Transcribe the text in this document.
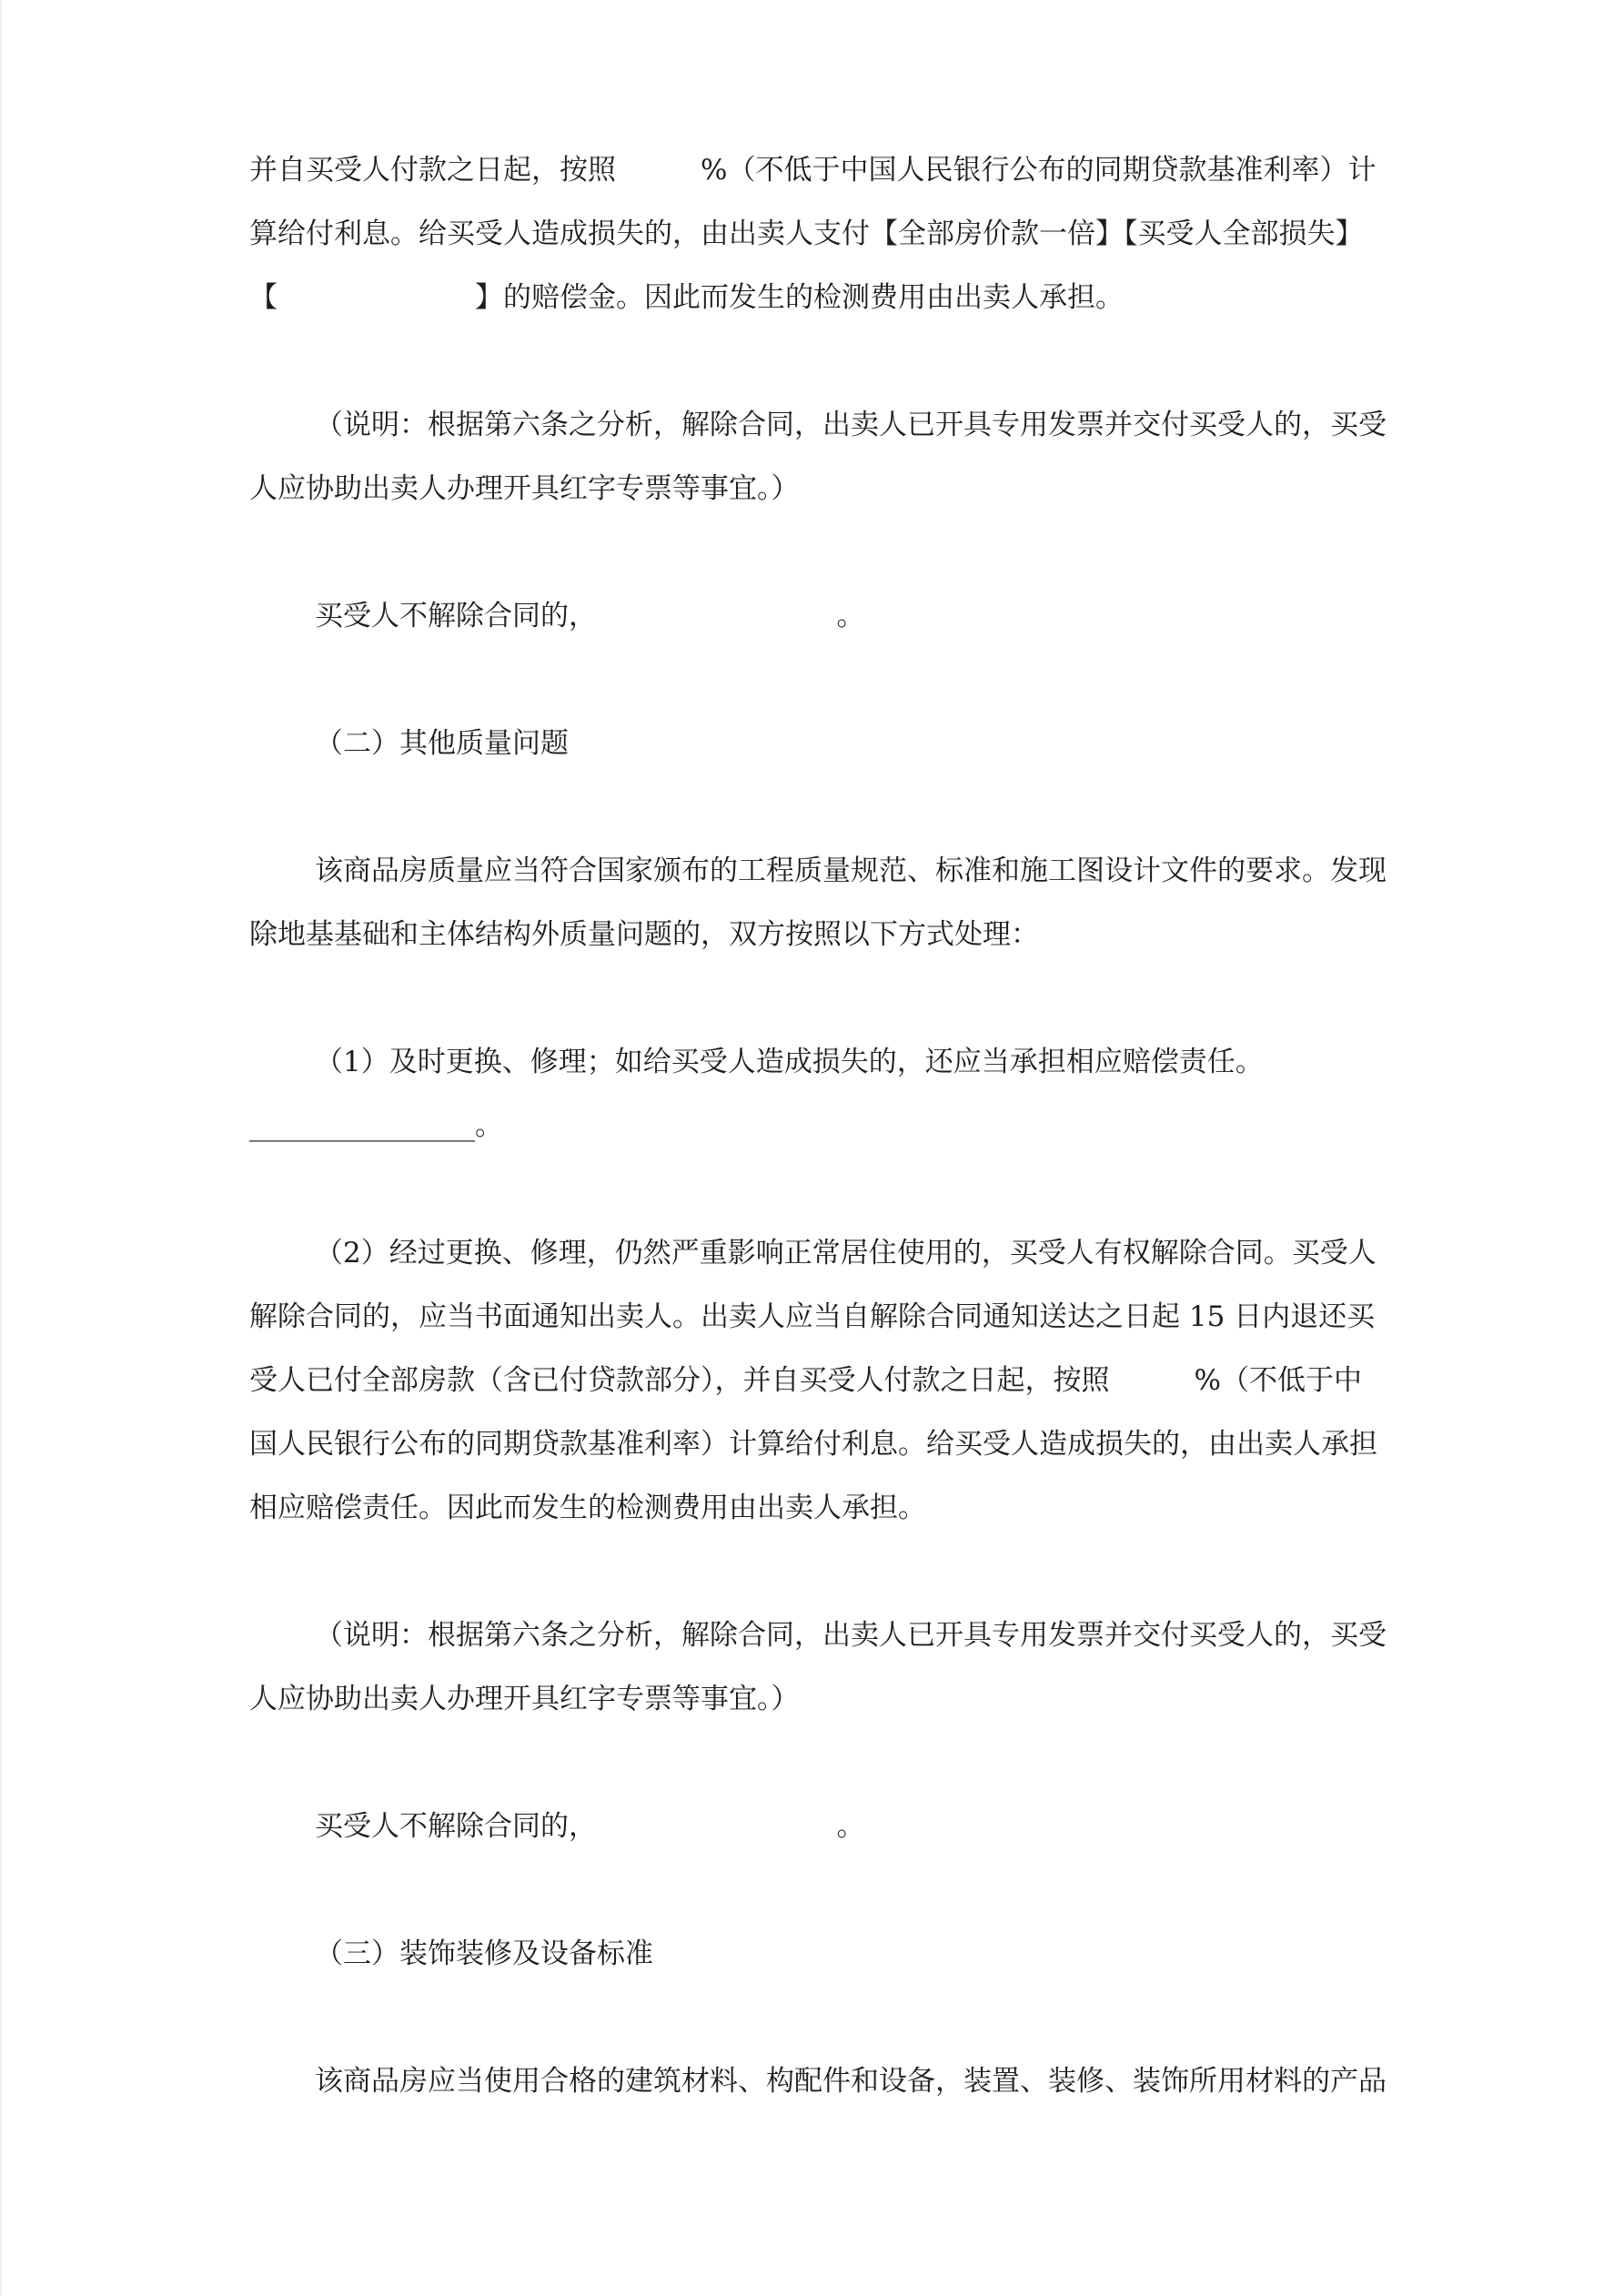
并自买受人付款之日起，按照　　　%（不低于中国人民银行公布的同期贷款基准利率）计
算给付利息。给买受人造成损失的，由出卖人支付【全部房价款一倍】【买受人全部损失】
【　　　　　　　】的赔偿金。因此而发生的检测费用由出卖人承担。
（说明：根据第六条之分析，解除合同，出卖人已开具专用发票并交付买受人的，买受
人应协助出卖人办理开具红字专票等事宜。）
买受人不解除合同的，　　　　　　　　　。
（二）其他质量问题
该商品房质量应当符合国家颁布的工程质量规范、标准和施工图设计文件的要求。发现
除地基基础和主体结构外质量问题的，双方按照以下方式处理：
（1）及时更换、修理；如给买受人造成损失的，还应当承担相应赔偿责任。
________________。
（2）经过更换、修理，仍然严重影响正常居住使用的，买受人有权解除合同。买受人
解除合同的，应当书面通知出卖人。出卖人应当自解除合同通知送达之日起 15 日内退还买
受人已付全部房款（含已付贷款部分），并自买受人付款之日起，按照　　　%（不低于中
国人民银行公布的同期贷款基准利率）计算给付利息。给买受人造成损失的，由出卖人承担
相应赔偿责任。因此而发生的检测费用由出卖人承担。
（说明：根据第六条之分析，解除合同，出卖人已开具专用发票并交付买受人的，买受
人应协助出卖人办理开具红字专票等事宜。）
买受人不解除合同的，　　　　　　　　　。
（三）装饰装修及设备标准
该商品房应当使用合格的建筑材料、构配件和设备，装置、装修、装饰所用材料的产品
